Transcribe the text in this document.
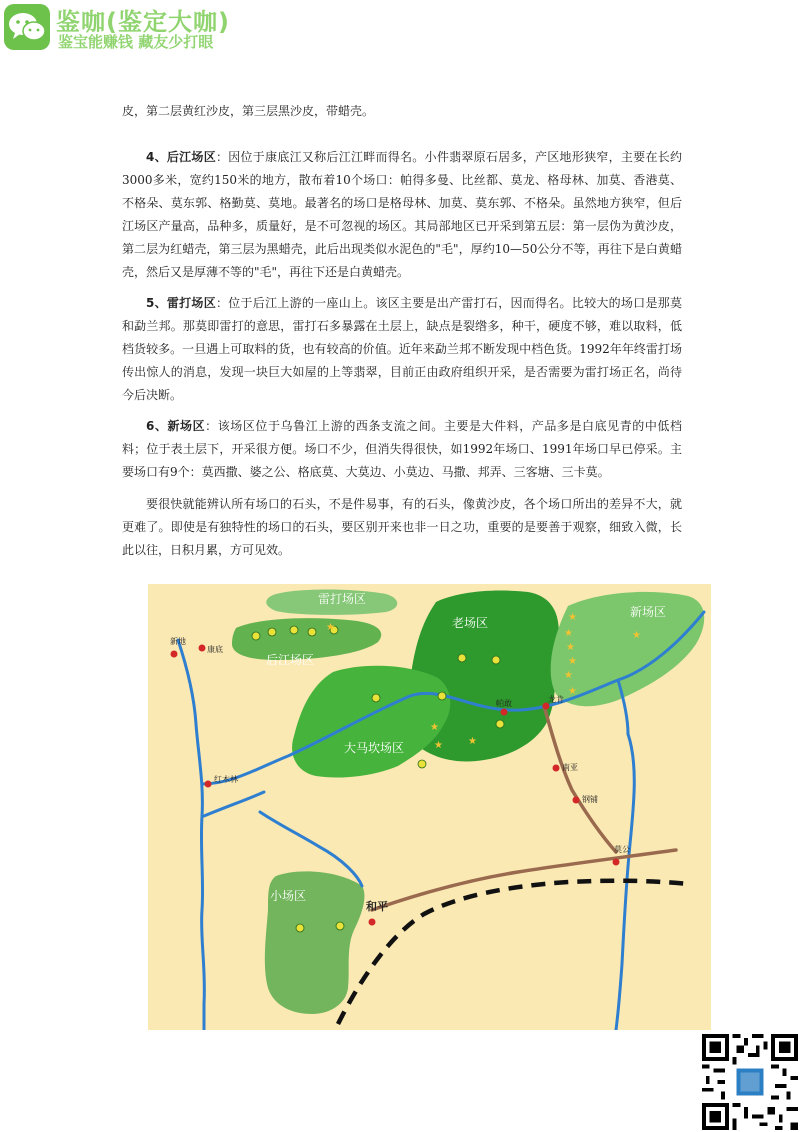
鉴咖(鉴定大咖)
鉴宝能赚钱 藏友少打眼

皮，第二层黄红沙皮，第三层黑沙皮，带蜡壳。

4、后江场区：因位于康底江又称后江江畔而得名。小件翡翠原石居多，产区地形狭窄，主要在长约3000多米，宽约150米的地方，散布着10个场口：帕得多曼、比丝都、莫龙、格母林、加莫、香港莫、不格朵、莫东郭、格勤莫、莫地。最著名的场口是格母林、加莫、莫东郭、不格朵。虽然地方狭窄，但后江场区产量高，品种多，质量好，是不可忽视的场区。其局部地区已开采到第五层：第一层伪为黄沙皮，第二层为红蜡壳，第三层为黑蜡壳，此后出现类似水泥色的"毛"，厚约10—50公分不等，再往下是白黄蜡壳，然后又是厚薄不等的"毛"，再往下还是白黄蜡壳。

5、雷打场区：位于后江上游的一座山上。该区主要是出产雷打石，因而得名。比较大的场口是那莫和勐兰邦。那莫即雷打的意思，雷打石多暴露在土层上，缺点是裂绺多，种干，硬度不够，难以取料，低档货较多。一旦遇上可取料的货，也有较高的价值。近年来勐兰邦不断发现中档色货。1992年年终雷打场传出惊人的消息，发现一块巨大如屋的上等翡翠，目前正由政府组织开采，是否需要为雷打场正名，尚待今后决断。

6、新场区：该场区位于乌鲁江上游的西条支流之间。主要是大件料，产品多是白底见青的中低档料；位于表土层下，开采很方便。场口不少，但消失得很快，如1992年场口、1991年场口早已停采。主要场口有9个：莫西撒、婆之公、格底莫、大莫边、小莫边、马撒、邦弄、三客塘、三卡莫。

要很快就能辨认所有场口的石头，不是件易事，有的石头，像黄沙皮，各个场口所出的差异不大，就更难了。即使是有独特性的场口的石头，要区别开来也非一日之功，重要的是要善于观察，细致入微，长此以往，日积月累，方可见效。

雷打场区
后江场区
老场区
新场区
大马坎场区
小场区
新地
康底
红木林
帕敢	龙肯
南亚
钢铺
莫公
和平
★
★
★
★
★
★
★
★
★
★	★
